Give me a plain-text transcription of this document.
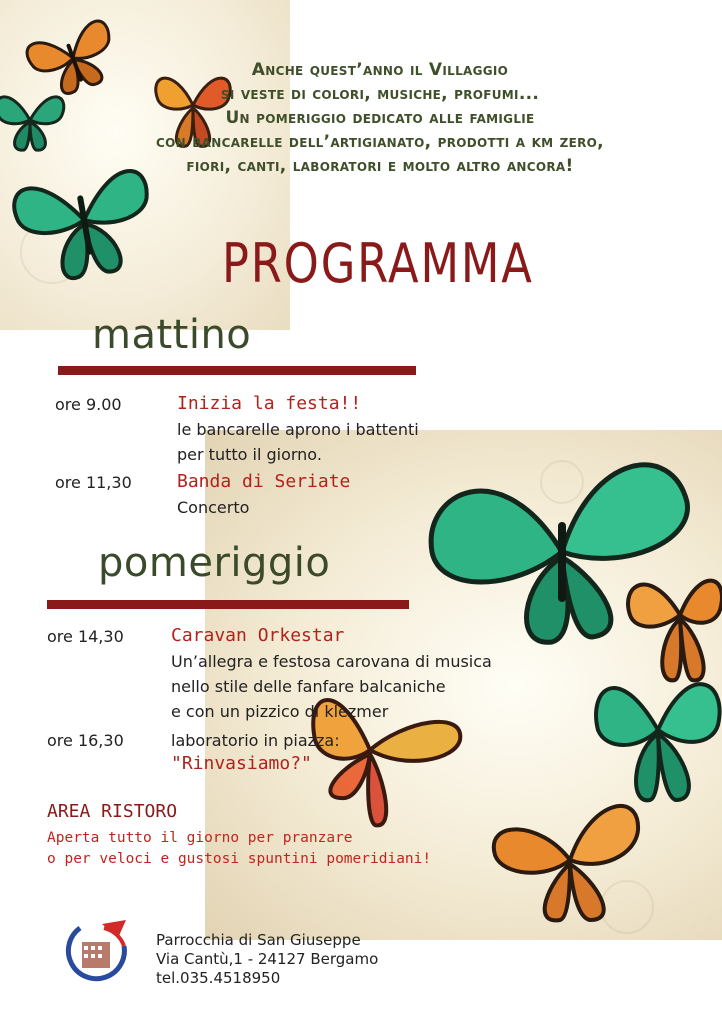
Anche quest’anno il Villaggio
si veste di colori, musiche, profumi...
Un pomeriggio dedicato alle famiglie
con bancarelle dell’artigianato, prodotti a km zero,
fiori, canti, laboratori e molto altro ancora!
PROGRAMMA
mattino
ore 9.00	Inizia la festa!!
le bancarelle aprono i battenti
per tutto il giorno.
ore 11,30	Banda di Seriate
Concerto
pomeriggio
ore 14,30	Caravan Orkestar
Un’allegra e festosa carovana di musica
nello stile delle fanfare balcaniche
e con un pizzico di klezmer
ore 16,30	laboratorio in piazza:
"Rinvasiamo?"
AREA RISTORO
Aperta tutto il giorno per pranzare
o per veloci e gustosi spuntini pomeridiani!
Parrocchia di San Giuseppe
Via Cantù,1 - 24127 Bergamo
tel.035.4518950
